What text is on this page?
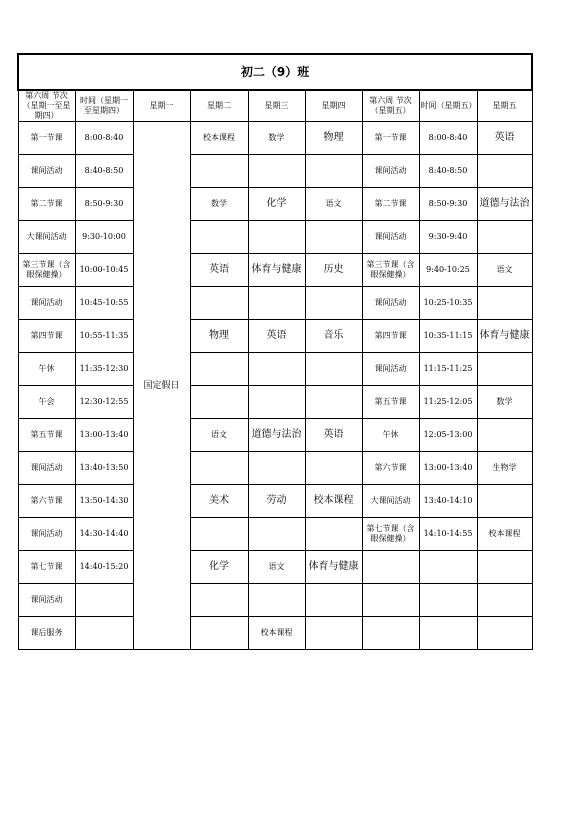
初二（9）班								
第六周 节次（星期一至星期四）	时间（星期一至星期四）	星期一	星期二	星期三	星期四	第六周 节次（星期五）	时间（星期五）	星期五
第一节课	8:00-8:40	国定假日	校本课程	数学	物理	第一节课	8:00-8:40	英语
课间活动	8:40-8:50					课间活动	8:40-8:50	
第二节课	8:50-9:30		数学	化学	语文	第二节课	8:50-9:30	道德与法治
大课间活动	9:30-10:00					课间活动	9:30-9:40	
第三节课（含眼保健操）	10:00-10:45		英语	体育与健康	历史	第三节课（含眼保健操）	9:40-10:25	语文
课间活动	10:45-10:55					课间活动	10:25-10:35	
第四节课	10:55-11:35		物理	英语	音乐	第四节课	10:35-11:15	体育与健康
午休	11:35-12:30					课间活动	11:15-11:25	
午会	12:30-12:55					第五节课	11:25-12:05	数学
第五节课	13:00-13:40		语文	道德与法治	英语	午休	12:05-13:00	
课间活动	13:40-13:50					第六节课	13:00-13:40	生物学
第六节课	13:50-14:30		美术	劳动	校本课程	大课间活动	13:40-14:10	
课间活动	14:30-14:40					第七节课（含眼保健操）	14:10-14:55	校本课程
第七节课	14:40-15:20		化学	语文	体育与健康			
课间活动								
课后服务				校本课程				
